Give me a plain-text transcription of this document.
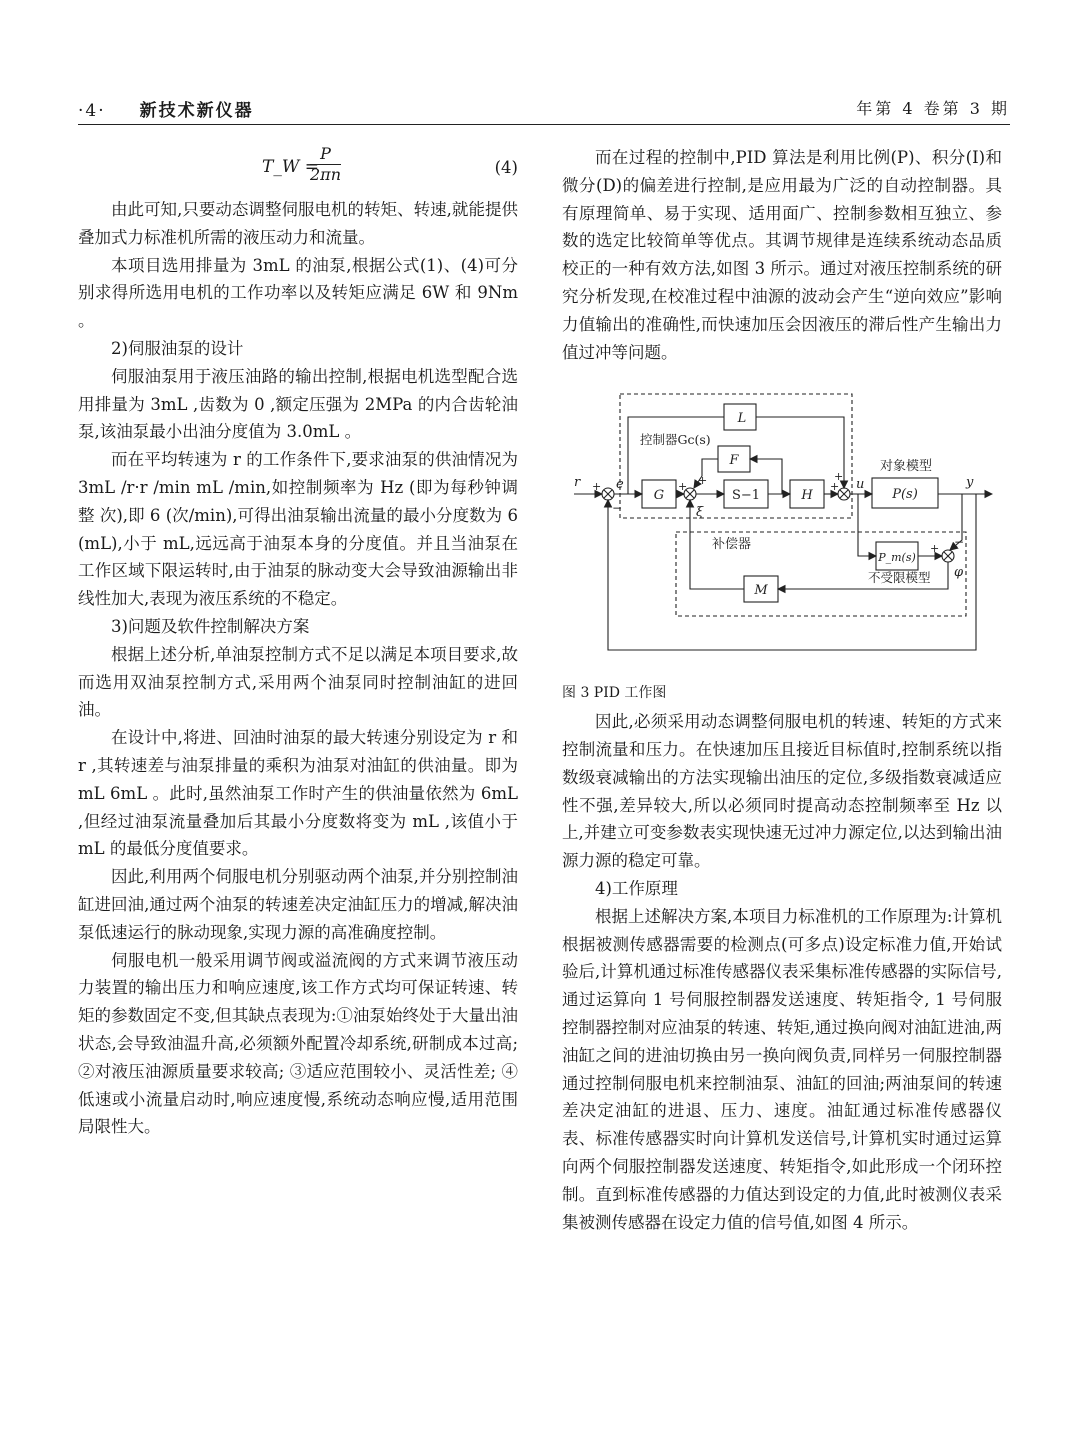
·4· 新技术新仪器	年第 4 卷第 3 期
T_W =
$\frac{P}{2\pi n}$	(4)

由此可知,只要动态调整伺服电机的转矩、转速,就能提供叠加式力标准机所需的液压动力和流量。

本项目选用排量为 3mL 的油泵,根据公式(1)、(4)可分别求得所选用电机的工作功率以及转矩应满足 6W 和 9Nm 。

2)伺服油泵的设计

伺服油泵用于液压油路的输出控制,根据电机选型配合选用排量为 3mL ,齿数为 0 ,额定压强为 2MPa 的内合齿轮油泵,该油泵最小出油分度值为 3.0mL 。

而在平均转速为 r 的工作条件下,要求油泵的供油情况为 3mL /r·r /min mL /min,如控制频率为 Hz (即为每秒钟调整 次),即 6 (次/min),可得出油泵输出流量的最小分度数为 6 (mL),小于 mL,远远高于油泵本身的分度值。并且当油泵在工作区域下限运转时,由于油泵的脉动变大会导致油源输出非线性加大,表现为液压系统的不稳定。

3)问题及软件控制解决方案

根据上述分析,单油泵控制方式不足以满足本项目要求,故而选用双油泵控制方式,采用两个油泵同时控制油缸的进回油。

在设计中,将进、回油时油泵的最大转速分别设定为 r 和 r ,其转速差与油泵排量的乘积为油泵对油缸的供油量。即为 mL 6mL 。此时,虽然油泵工作时产生的供油量依然为 6mL ,但经过油泵流量叠加后其最小分度数将变为 mL ,该值小于 mL 的最低分度值要求。

因此,利用两个伺服电机分别驱动两个油泵,并分别控制油缸进回油,通过两个油泵的转速差决定油缸压力的增减,解决油泵低速运行的脉动现象,实现力源的高准确度控制。

伺服电机一般采用调节阀或溢流阀的方式来调节液压动力装置的输出压力和响应速度,该工作方式均可保证转速、转矩的参数固定不变,但其缺点表现为:①油泵始终处于大量出油状态,会导致油温升高,必须额外配置冷却系统,研制成本过高; ②对液压油源质量要求较高; ③适应范围较小、灵活性差; ④低速或小流量启动时,响应速度慢,系统动态响应慢,适用范围局限性大。

而在过程的控制中,PID 算法是利用比例(P)、积分(I)和微分(D)的偏差进行控制,是应用最为广泛的自动控制器。具有原理简单、易于实现、适用面广、控制参数相互独立、参数的选定比较简单等优点。其调节规律是连续系统动态品质校正的一种有效方法,如图 3 所示。通过对液压控制系统的研究分析发现,在校准过程中油源的波动会产生“逆向效应”影响力值输出的准确性,而快速加压会因液压的滞后性产生输出力值过冲等问题。

L
F
G	S−1	H	P(s)
P_m(s)
M
控制器Gc(s)
对象模型
补偿器
不受限模型
r	e	u	y
ξ
φ
+
−
+
+
+
+
+ −

图 3 PID 工作图

因此,必须采用动态调整伺服电机的转速、转矩的方式来控制流量和压力。在快速加压且接近目标值时,控制系统以指数级衰减输出的方法实现输出油压的定位,多级指数衰减适应性不强,差异较大,所以必须同时提高动态控制频率至 Hz 以上,并建立可变参数表实现快速无过冲力源定位,以达到输出油源力源的稳定可靠。

4)工作原理

根据上述解决方案,本项目力标准机的工作原理为:计算机根据被测传感器需要的检测点(可多点)设定标准力值,开始试验后,计算机通过标准传感器仪表采集标准传感器的实际信号,通过运算向 1 号伺服控制器发送速度、转矩指令, 1 号伺服控制器控制对应油泵的转速、转矩,通过换向阀对油缸进油,两油缸之间的进油切换由另一换向阀负责,同样另一伺服控制器通过控制伺服电机来控制油泵、油缸的回油;两油泵间的转速差决定油缸的进退、压力、速度。油缸通过标准传感器仪表、标准传感器实时向计算机发送信号,计算机实时通过运算向两个伺服控制器发送速度、转矩指令,如此形成一个闭环控制。直到标准传感器的力值达到设定的力值,此时被测仪表采集被测传感器在设定力值的信号值,如图 4 所示。
